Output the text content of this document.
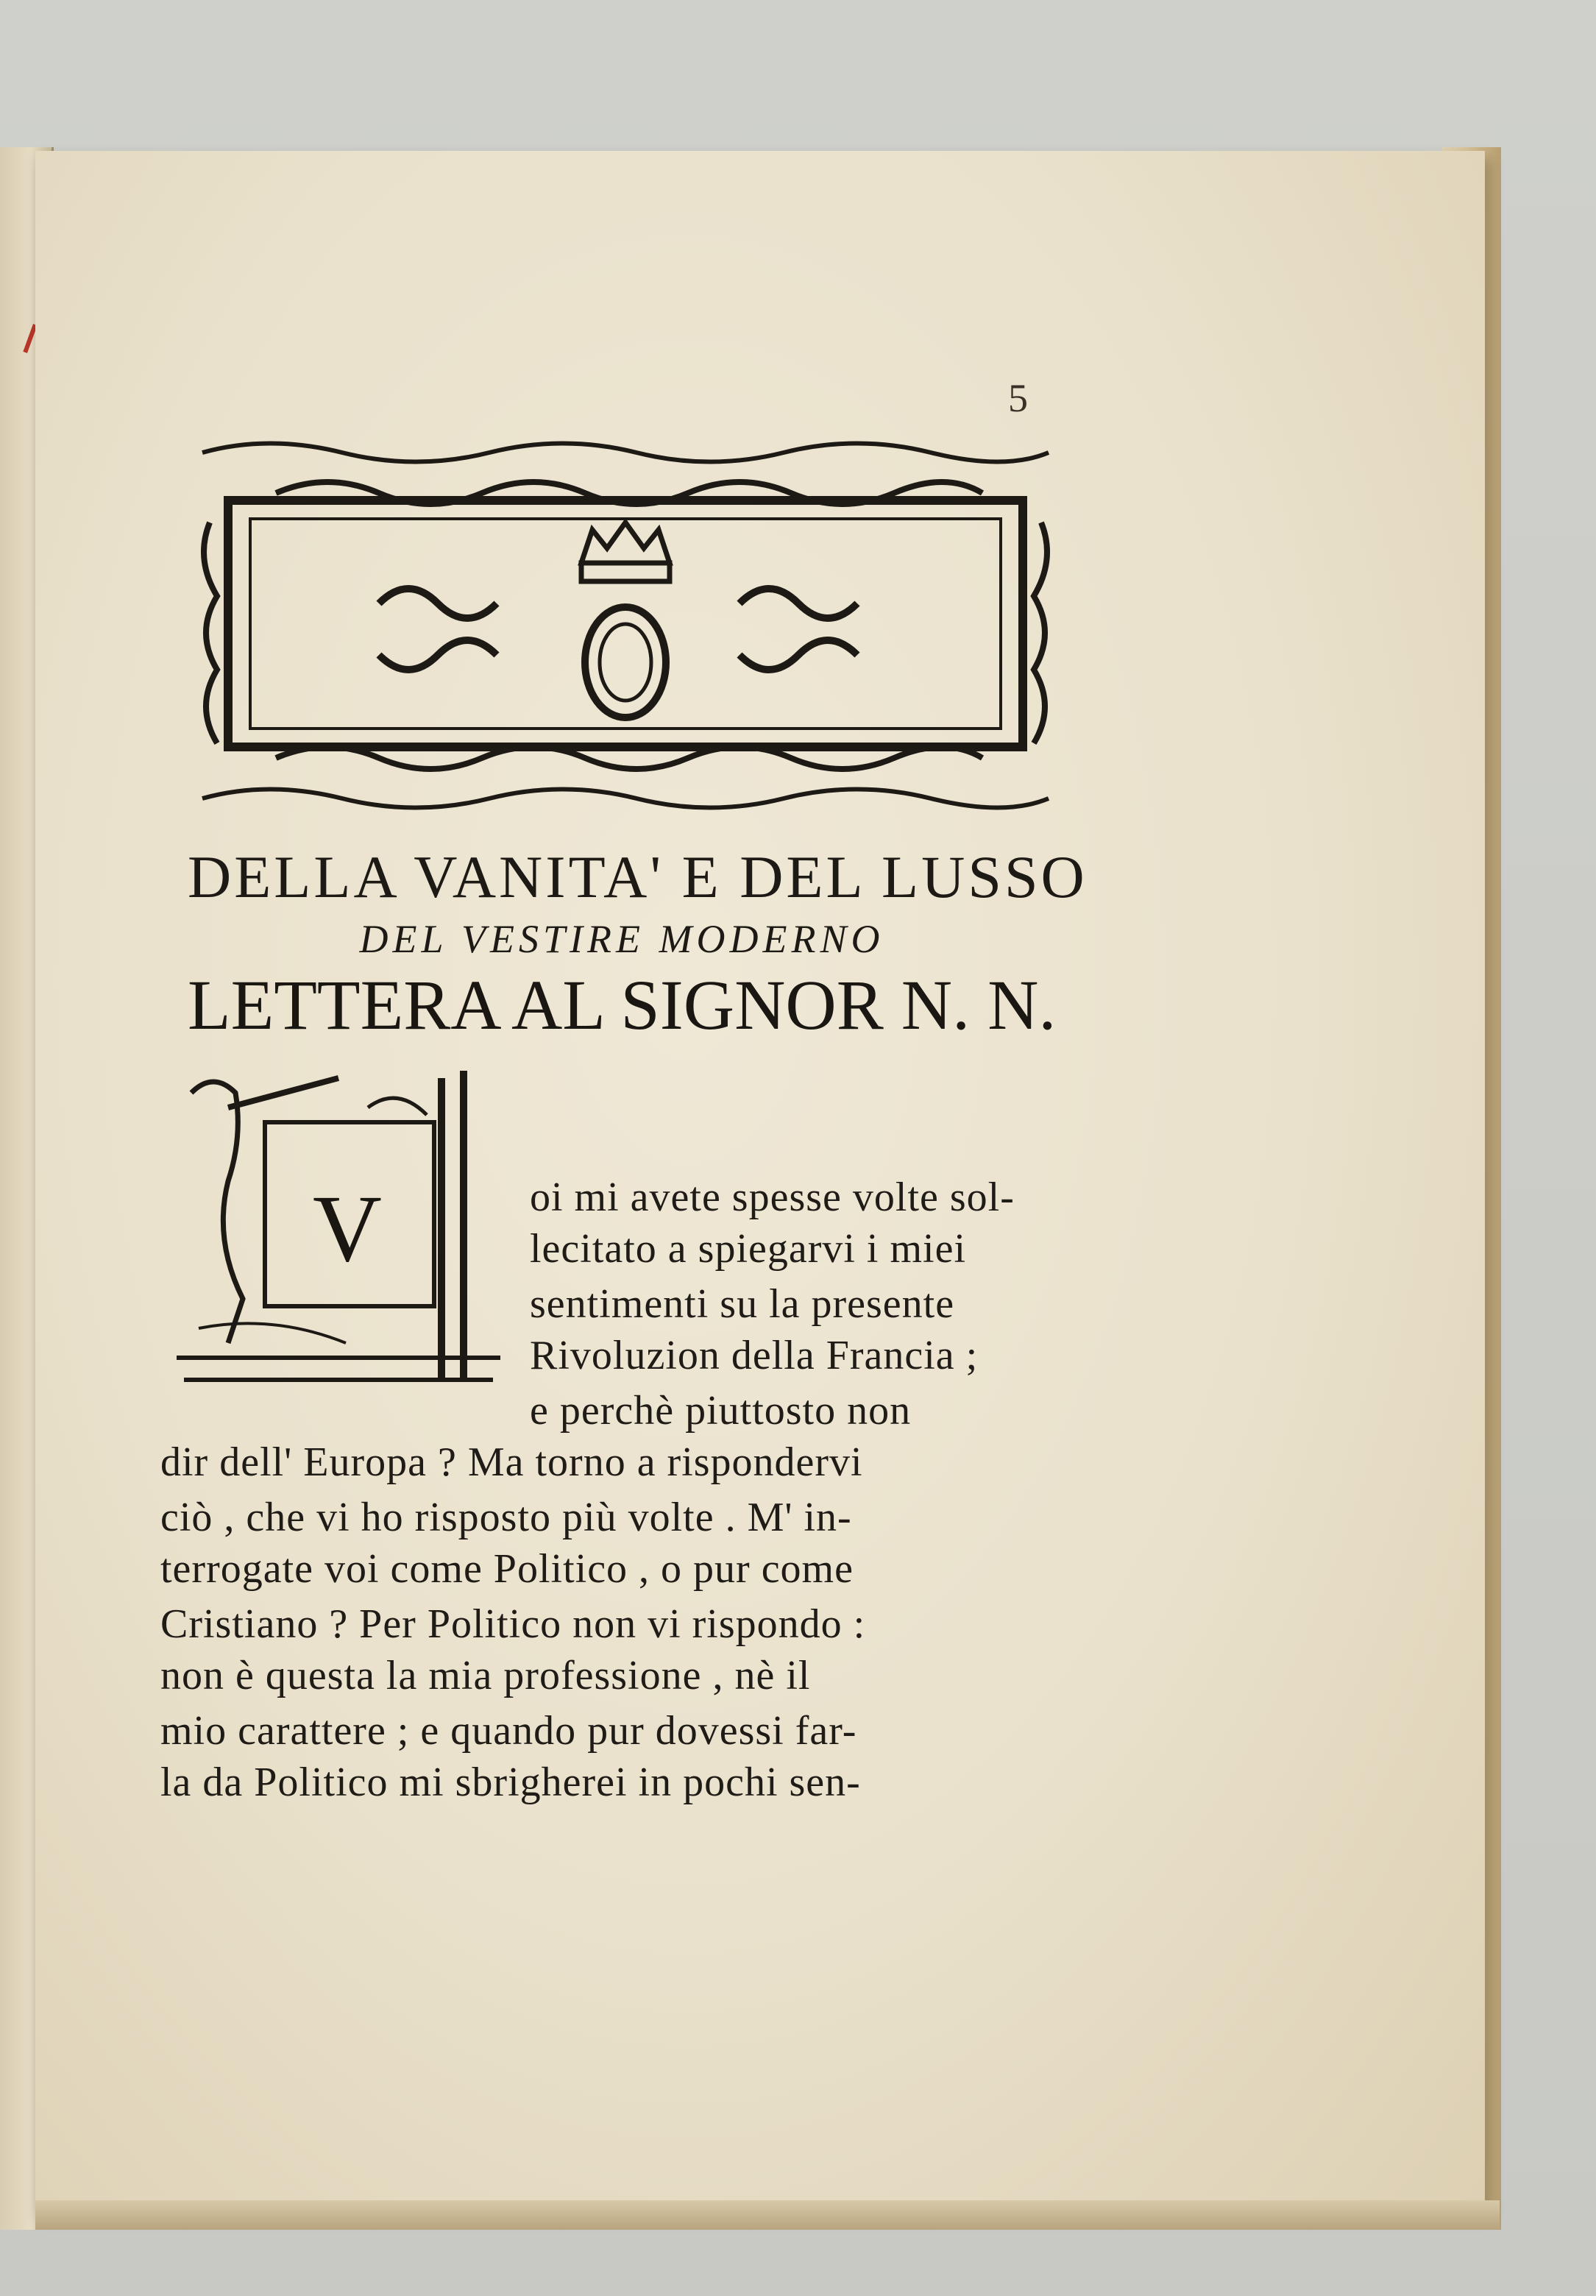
5
DELLA VANITA' E DEL LUSSO
DEL VESTIRE MODERNO
LETTERA AL SIGNOR N. N.
V	oi mi avete spesse volte sol-
lecitato a spiegarvi i miei
sentimenti su la presente
Rivoluzion della Francia ;
e perchè piuttosto non
dir dell' Europa ? Ma torno a rispondervi
ciò , che vi ho risposto più volte . M' in-
terrogate voi come Politico , o pur come
Cristiano ? Per Politico non vi rispondo :
non è questa la mia professione , nè il
mio carattere ; e quando pur dovessi far-
la da Politico mi sbrigherei in pochi sen-
